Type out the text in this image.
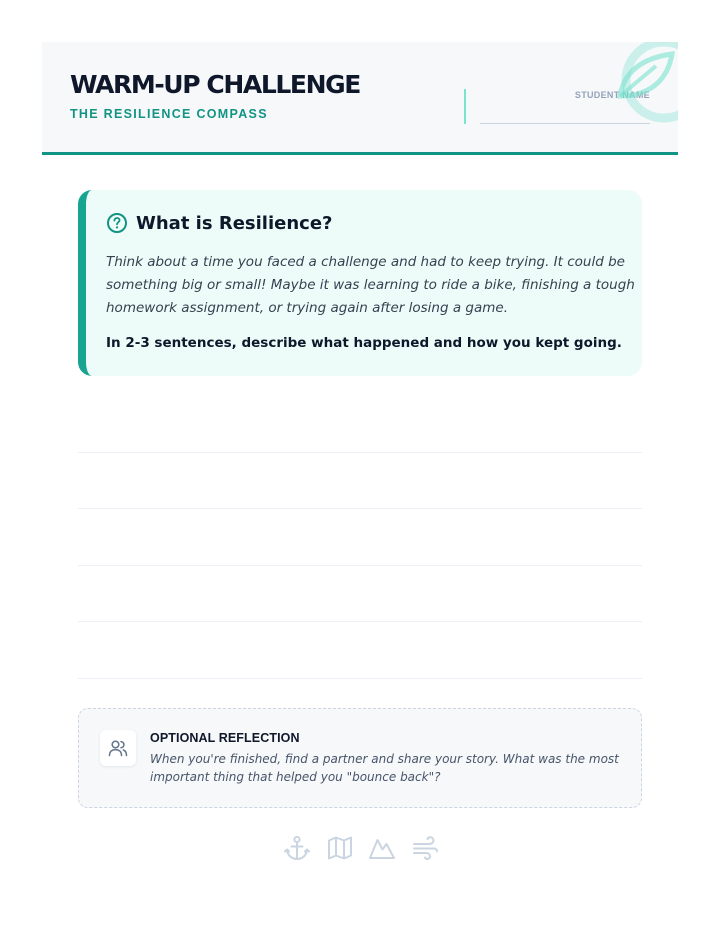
WARM-UP CHALLENGE
THE RESILIENCE COMPASS
STUDENT NAME
What is Resilience?

Think about a time you faced a challenge and had to keep trying. It could be something big or small! Maybe it was learning to ride a bike, finishing a tough homework assignment, or trying again after losing a game.

In 2-3 sentences, describe what happened and how you kept going.
OPTIONAL REFLECTION

When you're finished, find a partner and share your story. What was the most important thing that helped you "bounce back"?
